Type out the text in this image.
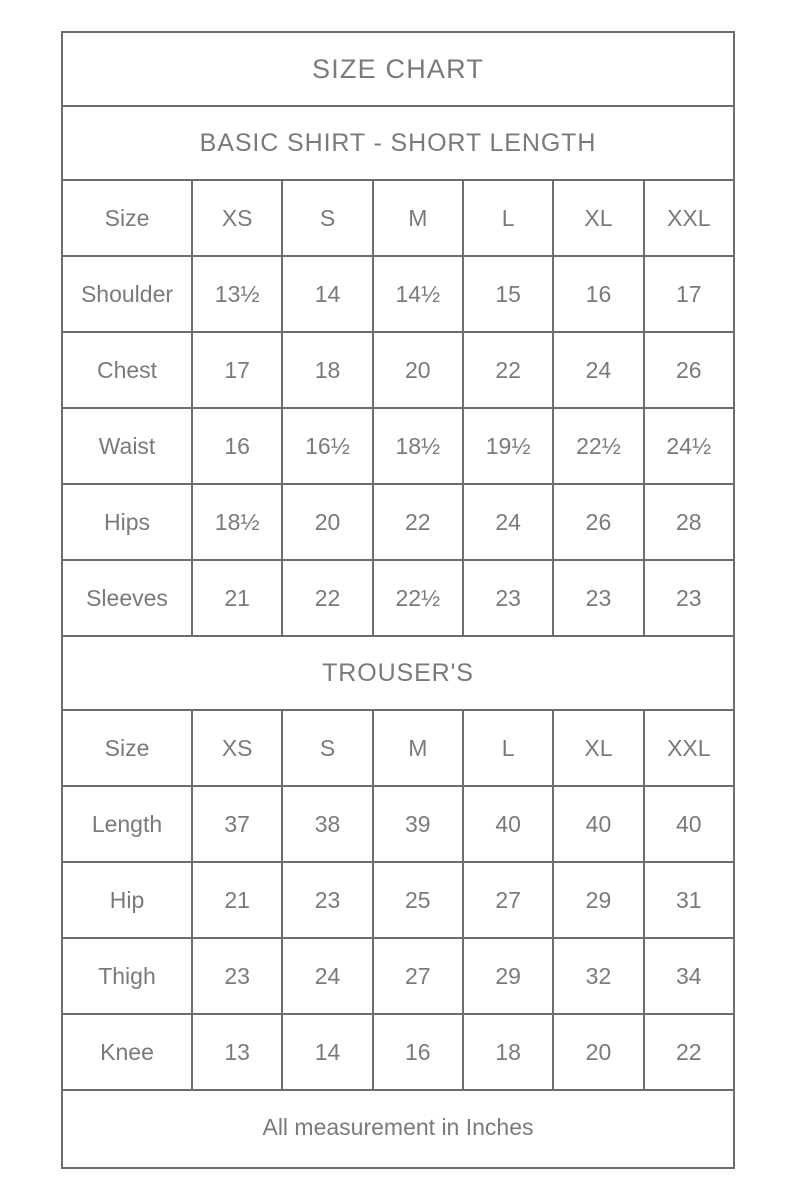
SIZE CHART
BASIC SHIRT - SHORT LENGTH
Size	XS	S	M	L	XL	XXL
Shoulder	13½	14	14½	15	16	17
Chest	17	18	20	22	24	26
Waist	16	16½	18½	19½	22½	24½
Hips	18½	20	22	24	26	28
Sleeves	21	22	22½	23	23	23
TROUSER'S
Size	XS	S	M	L	XL	XXL
Length	37	38	39	40	40	40
Hip	21	23	25	27	29	31
Thigh	23	24	27	29	32	34
Knee	13	14	16	18	20	22
All measurement in Inches
